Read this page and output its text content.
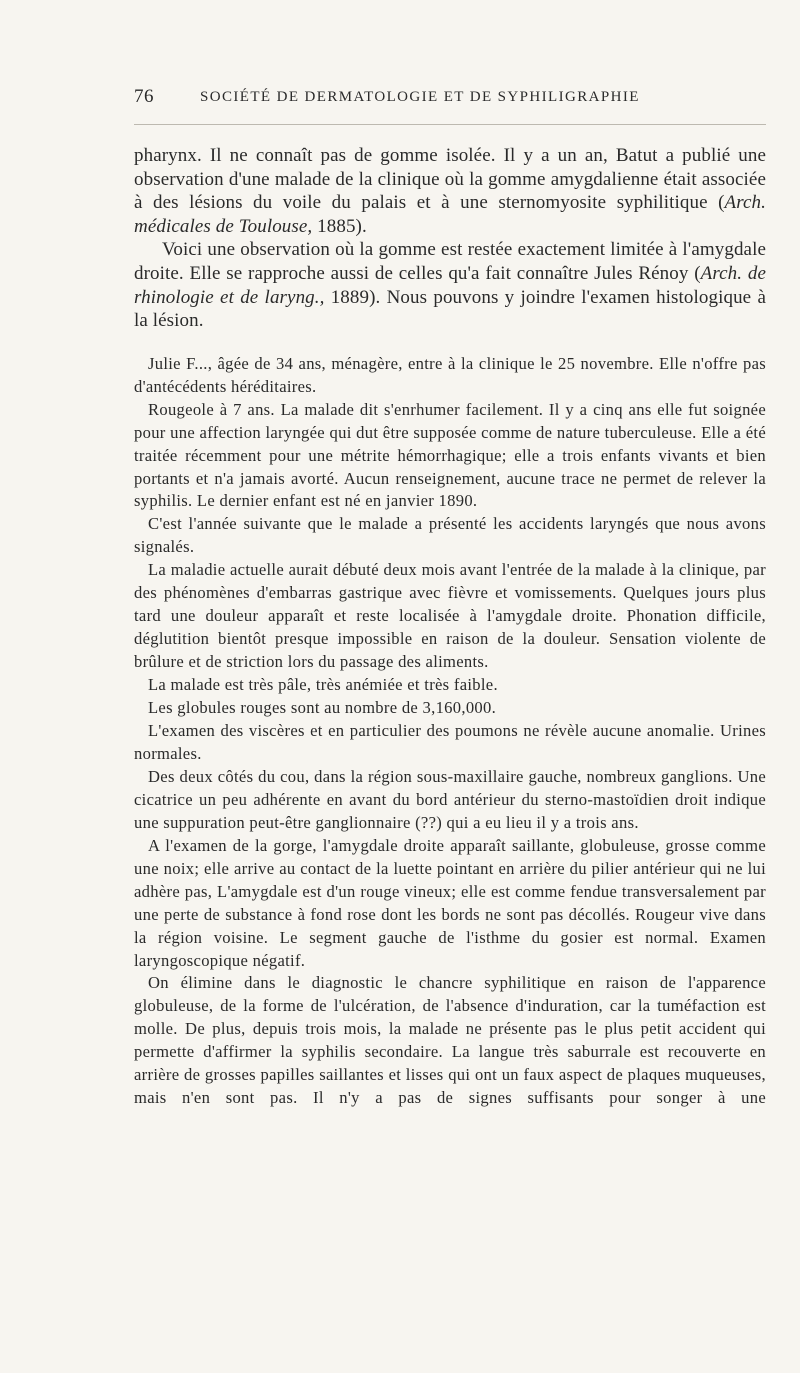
76	SOCIÉTÉ DE DERMATOLOGIE ET DE SYPHILIGRAPHIE

pharynx. Il ne connaît pas de gomme isolée. Il y a un an, Batut a publié une observation d'une malade de la clinique où la gomme amygdalienne était associée à des lésions du voile du palais et à une sternomyosite syphilitique (Arch. médicales de Toulouse, 1885).

Voici une observation où la gomme est restée exactement limitée à l'amygdale droite. Elle se rapproche aussi de celles qu'a fait connaître Jules Rénoy (Arch. de rhinologie et de laryng., 1889). Nous pouvons y joindre l'examen histologique à la lésion.

Julie F..., âgée de 34 ans, ménagère, entre à la clinique le 25 novembre. Elle n'offre pas d'antécédents héréditaires.

Rougeole à 7 ans. La malade dit s'enrhumer facilement. Il y a cinq ans elle fut soignée pour une affection laryngée qui dut être supposée comme de nature tuberculeuse. Elle a été traitée récemment pour une métrite hémorrhagique; elle a trois enfants vivants et bien portants et n'a jamais avorté. Aucun renseignement, aucune trace ne permet de relever la syphilis. Le dernier enfant est né en janvier 1890.

C'est l'année suivante que le malade a présenté les accidents laryngés que nous avons signalés.

La maladie actuelle aurait débuté deux mois avant l'entrée de la malade à la clinique, par des phénomènes d'embarras gastrique avec fièvre et vomissements. Quelques jours plus tard une douleur apparaît et reste localisée à l'amygdale droite. Phonation difficile, déglutition bientôt presque impossible en raison de la douleur. Sensation violente de brûlure et de striction lors du passage des aliments.

La malade est très pâle, très anémiée et très faible.

Les globules rouges sont au nombre de 3,160,000.

L'examen des viscères et en particulier des poumons ne révèle aucune anomalie. Urines normales.

Des deux côtés du cou, dans la région sous-maxillaire gauche, nombreux ganglions. Une cicatrice un peu adhérente en avant du bord antérieur du sterno-mastoïdien droit indique une suppuration peut-être ganglionnaire (??) qui a eu lieu il y a trois ans.

A l'examen de la gorge, l'amygdale droite apparaît saillante, globuleuse, grosse comme une noix; elle arrive au contact de la luette pointant en arrière du pilier antérieur qui ne lui adhère pas, L'amygdale est d'un rouge vineux; elle est comme fendue transversalement par une perte de substance à fond rose dont les bords ne sont pas décollés. Rougeur vive dans la région voisine. Le segment gauche de l'isthme du gosier est normal. Examen laryngoscopique négatif.

On élimine dans le diagnostic le chancre syphilitique en raison de l'apparence globuleuse, de la forme de l'ulcération, de l'absence d'induration, car la tuméfaction est molle. De plus, depuis trois mois, la malade ne présente pas le plus petit accident qui permette d'affirmer la syphilis secondaire. La langue très saburrale est recouverte en arrière de grosses papilles saillantes et lisses qui ont un faux aspect de plaques muqueuses, mais n'en sont pas. Il n'y a pas de signes suffisants pour songer à une
